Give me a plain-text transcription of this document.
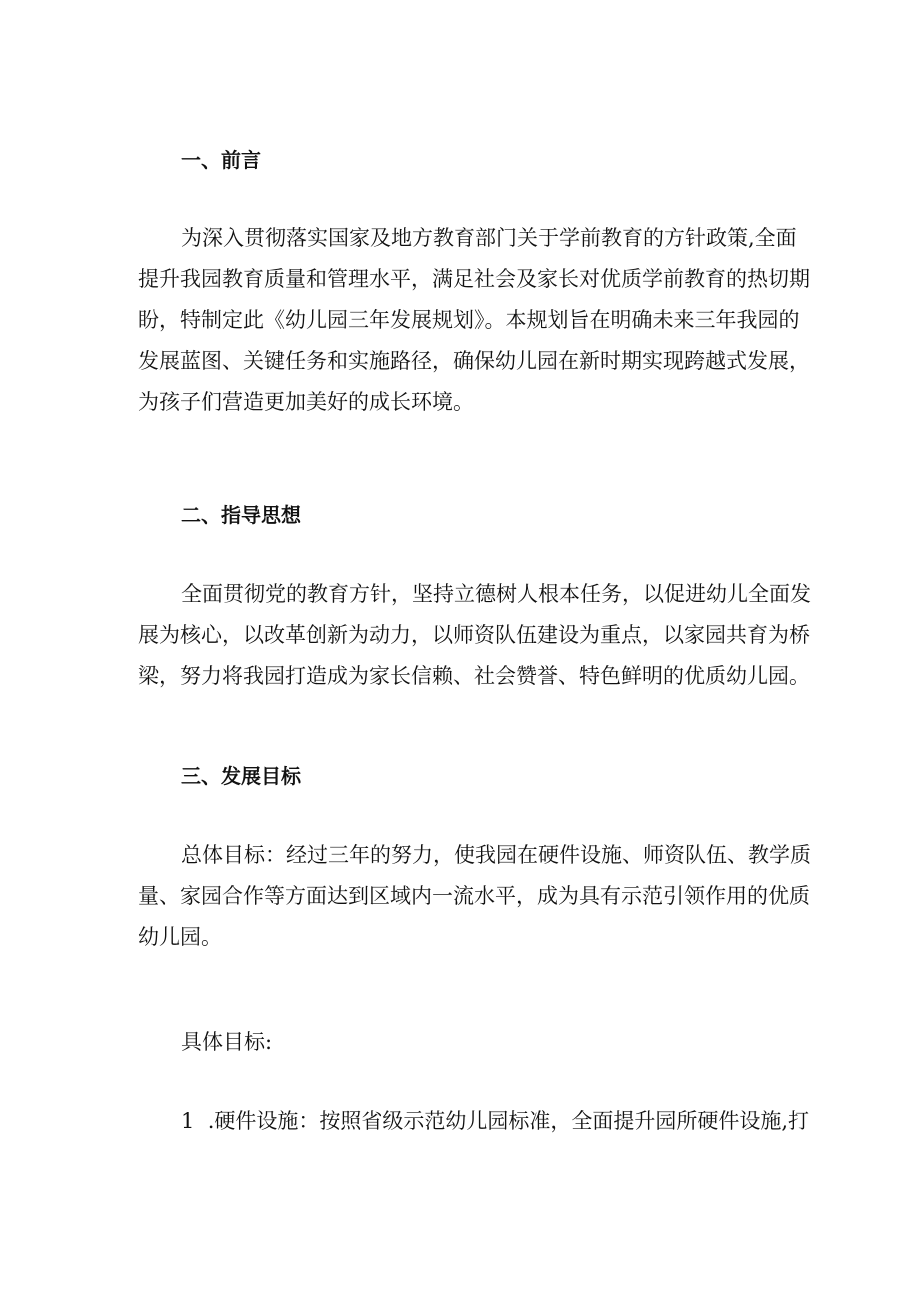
一、前言
为深入贯彻落实国家及地方教育部门关于学前教育的方针政策,全面
提升我园教育质量和管理水平，满足社会及家长对优质学前教育的热切期
盼，特制定此《幼儿园三年发展规划》。本规划旨在明确未来三年我园的
发展蓝图、关键任务和实施路径，确保幼儿园在新时期实现跨越式发展，
为孩子们营造更加美好的成长环境。
二、指导思想
全面贯彻党的教育方针，坚持立德树人根本任务，以促进幼儿全面发
展为核心，以改革创新为动力，以师资队伍建设为重点，以家园共育为桥
梁，努力将我园打造成为家长信赖、社会赞誉、特色鲜明的优质幼儿园。
三、发展目标
总体目标：经过三年的努力，使我园在硬件设施、师资队伍、教学质
量、家园合作等方面达到区域内一流水平，成为具有示范引领作用的优质
幼儿园。
具体目标:
1  .硬件设施：按照省级示范幼儿园标准，全面提升园所硬件设施,打
